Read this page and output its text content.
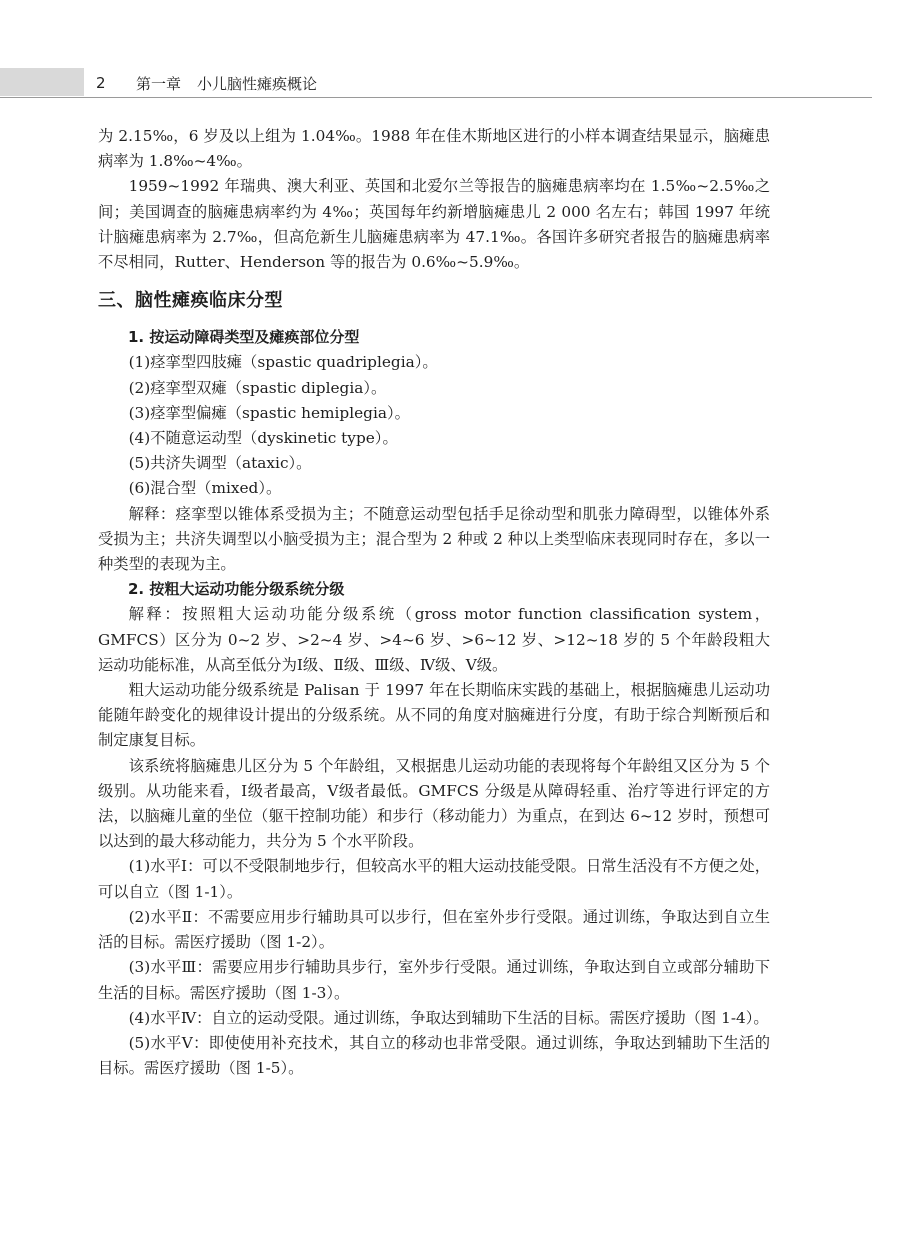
2	第一章 小儿脑性瘫痪概论

为 2.15‰，6 岁及以上组为 1.04‰。1988 年在佳木斯地区进行的小样本调查结果显示，脑瘫患病率为 1.8‰~4‰。

1959~1992 年瑞典、澳大利亚、英国和北爱尔兰等报告的脑瘫患病率均在 1.5‰~2.5‰之间；美国调查的脑瘫患病率约为 4‰；英国每年约新增脑瘫患儿 2 000 名左右；韩国 1997 年统计脑瘫患病率为 2.7‰，但高危新生儿脑瘫患病率为 47.1‰。各国许多研究者报告的脑瘫患病率不尽相同，Rutter、Henderson 等的报告为 0.6‰~5.9‰。

三、脑性瘫痪临床分型

1. 按运动障碍类型及瘫痪部位分型

(1)痉挛型四肢瘫（spastic quadriplegia）。

(2)痉挛型双瘫（spastic diplegia）。

(3)痉挛型偏瘫（spastic hemiplegia）。

(4)不随意运动型（dyskinetic type）。

(5)共济失调型（ataxic）。

(6)混合型（mixed）。

解释：痉挛型以锥体系受损为主；不随意运动型包括手足徐动型和肌张力障碍型，以锥体外系受损为主；共济失调型以小脑受损为主；混合型为 2 种或 2 种以上类型临床表现同时存在，多以一种类型的表现为主。

2. 按粗大运动功能分级系统分级

解释：按照粗大运动功能分级系统（gross motor function classification system，GMFCS）区分为 0~2 岁、>2~4 岁、>4~6 岁、>6~12 岁、>12~18 岁的 5 个年龄段粗大运动功能标准，从高至低分为Ⅰ级、Ⅱ级、Ⅲ级、Ⅳ级、Ⅴ级。

粗大运动功能分级系统是 Palisan 于 1997 年在长期临床实践的基础上，根据脑瘫患儿运动功能随年龄变化的规律设计提出的分级系统。从不同的角度对脑瘫进行分度，有助于综合判断预后和制定康复目标。

该系统将脑瘫患儿区分为 5 个年龄组，又根据患儿运动功能的表现将每个年龄组又区分为 5 个级别。从功能来看，Ⅰ级者最高，Ⅴ级者最低。GMFCS 分级是从障碍轻重、治疗等进行评定的方法，以脑瘫儿童的坐位（躯干控制功能）和步行（移动能力）为重点，在到达 6~12 岁时，预想可以达到的最大移动能力，共分为 5 个水平阶段。

(1)水平Ⅰ：可以不受限制地步行，但较高水平的粗大运动技能受限。日常生活没有不方便之处，可以自立（图 1-1）。

(2)水平Ⅱ：不需要应用步行辅助具可以步行，但在室外步行受限。通过训练，争取达到自立生活的目标。需医疗援助（图 1-2）。

(3)水平Ⅲ：需要应用步行辅助具步行，室外步行受限。通过训练，争取达到自立或部分辅助下生活的目标。需医疗援助（图 1-3）。

(4)水平Ⅳ：自立的运动受限。通过训练，争取达到辅助下生活的目标。需医疗援助（图 1-4）。

(5)水平Ⅴ：即使使用补充技术，其自立的移动也非常受限。通过训练，争取达到辅助下生活的目标。需医疗援助（图 1-5）。
